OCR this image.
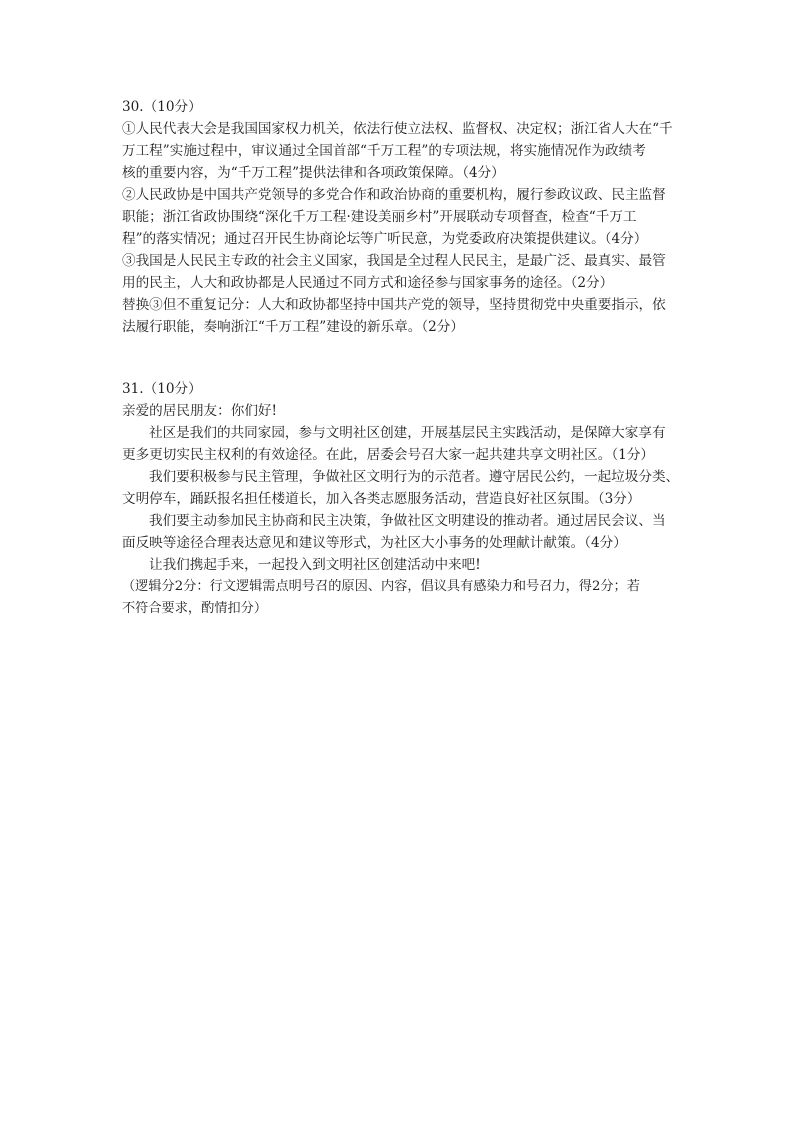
30.（10分）
①人民代表大会是我国国家权力机关，依法行使立法权、监督权、决定权；浙江省人大在“千
万工程”实施过程中，审议通过全国首部“千万工程”的专项法规，将实施情况作为政绩考
核的重要内容，为“千万工程”提供法律和各项政策保障。（4分）
②人民政协是中国共产党领导的多党合作和政治协商的重要机构，履行参政议政、民主监督
职能；浙江省政协围绕“深化千万工程·建设美丽乡村”开展联动专项督查，检查“千万工
程”的落实情况；通过召开民生协商论坛等广听民意，为党委政府决策提供建议。（4分）
③我国是人民民主专政的社会主义国家，我国是全过程人民民主，是最广泛、最真实、最管
用的民主，人大和政协都是人民通过不同方式和途径参与国家事务的途径。（2分）
替换③但不重复记分：人大和政协都坚持中国共产党的领导，坚持贯彻党中央重要指示，依
法履行职能，奏响浙江“千万工程”建设的新乐章。（2分）
31.（10分）
亲爱的居民朋友：你们好!
社区是我们的共同家园，参与文明社区创建，开展基层民主实践活动，是保障大家享有
更多更切实民主权利的有效途径。在此，居委会号召大家一起共建共享文明社区。（1分）
我们要积极参与民主管理，争做社区文明行为的示范者。遵守居民公约，一起垃圾分类、
文明停车，踊跃报名担任楼道长，加入各类志愿服务活动，营造良好社区氛围。（3分）
我们要主动参加民主协商和民主决策，争做社区文明建设的推动者。通过居民会议、当
面反映等途径合理表达意见和建议等形式，为社区大小事务的处理献计献策。（4分）
让我们携起手来，一起投入到文明社区创建活动中来吧!
（逻辑分2分：行文逻辑需点明号召的原因、内容，倡议具有感染力和号召力，得2分；若
不符合要求，酌情扣分）
